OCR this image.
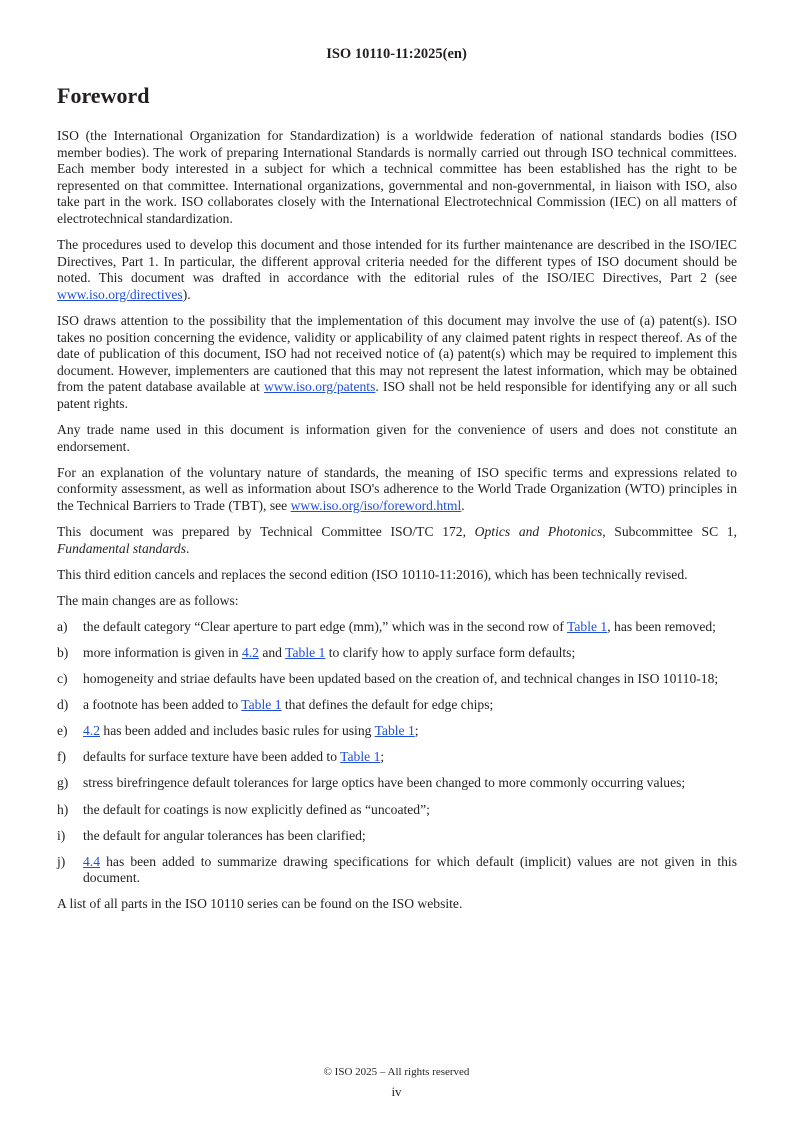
ISO 10110-11:2025(en)
Foreword

ISO (the International Organization for Standardization) is a worldwide federation of national standards bodies (ISO member bodies). The work of preparing International Standards is normally carried out through ISO technical committees. Each member body interested in a subject for which a technical committee has been established has the right to be represented on that committee. International organizations, governmental and non-governmental, in liaison with ISO, also take part in the work. ISO collaborates closely with the International Electrotechnical Commission (IEC) on all matters of electrotechnical standardization.

The procedures used to develop this document and those intended for its further maintenance are described in the ISO/IEC Directives, Part 1. In particular, the different approval criteria needed for the different types of ISO document should be noted. This document was drafted in accordance with the editorial rules of the ISO/IEC Directives, Part 2 (see www.iso.org/directives).

ISO draws attention to the possibility that the implementation of this document may involve the use of (a) patent(s). ISO takes no position concerning the evidence, validity or applicability of any claimed patent rights in respect thereof. As of the date of publication of this document, ISO had not received notice of (a) patent(s) which may be required to implement this document. However, implementers are cautioned that this may not represent the latest information, which may be obtained from the patent database available at www.iso.org/patents. ISO shall not be held responsible for identifying any or all such patent rights.

Any trade name used in this document is information given for the convenience of users and does not constitute an endorsement.

For an explanation of the voluntary nature of standards, the meaning of ISO specific terms and expressions related to conformity assessment, as well as information about ISO's adherence to the World Trade Organization (WTO) principles in the Technical Barriers to Trade (TBT), see www.iso.org/iso/foreword.html.

This document was prepared by Technical Committee ISO/TC 172, Optics and Photonics, Subcommittee SC 1, Fundamental standards.

This third edition cancels and replaces the second edition (ISO 10110-11:2016), which has been technically revised.

The main changes are as follows:

a)	the default category “Clear aperture to part edge (mm),” which was in the second row of Table 1, has been removed;
b)	more information is given in 4.2 and Table 1 to clarify how to apply surface form defaults;
c)	homogeneity and striae defaults have been updated based on the creation of, and technical changes in ISO 10110-18;
d)	a footnote has been added to Table 1 that defines the default for edge chips;
e)	4.2 has been added and includes basic rules for using Table 1;
f)	defaults for surface texture have been added to Table 1;
g)	stress birefringence default tolerances for large optics have been changed to more commonly occurring values;
h)	the default for coatings is now explicitly defined as “uncoated”;
i)	the default for angular tolerances has been clarified;
j)	4.4 has been added to summarize drawing specifications for which default (implicit) values are not given in this document.

A list of all parts in the ISO 10110 series can be found on the ISO website.

© ISO 2025 – All rights reserved
iv
